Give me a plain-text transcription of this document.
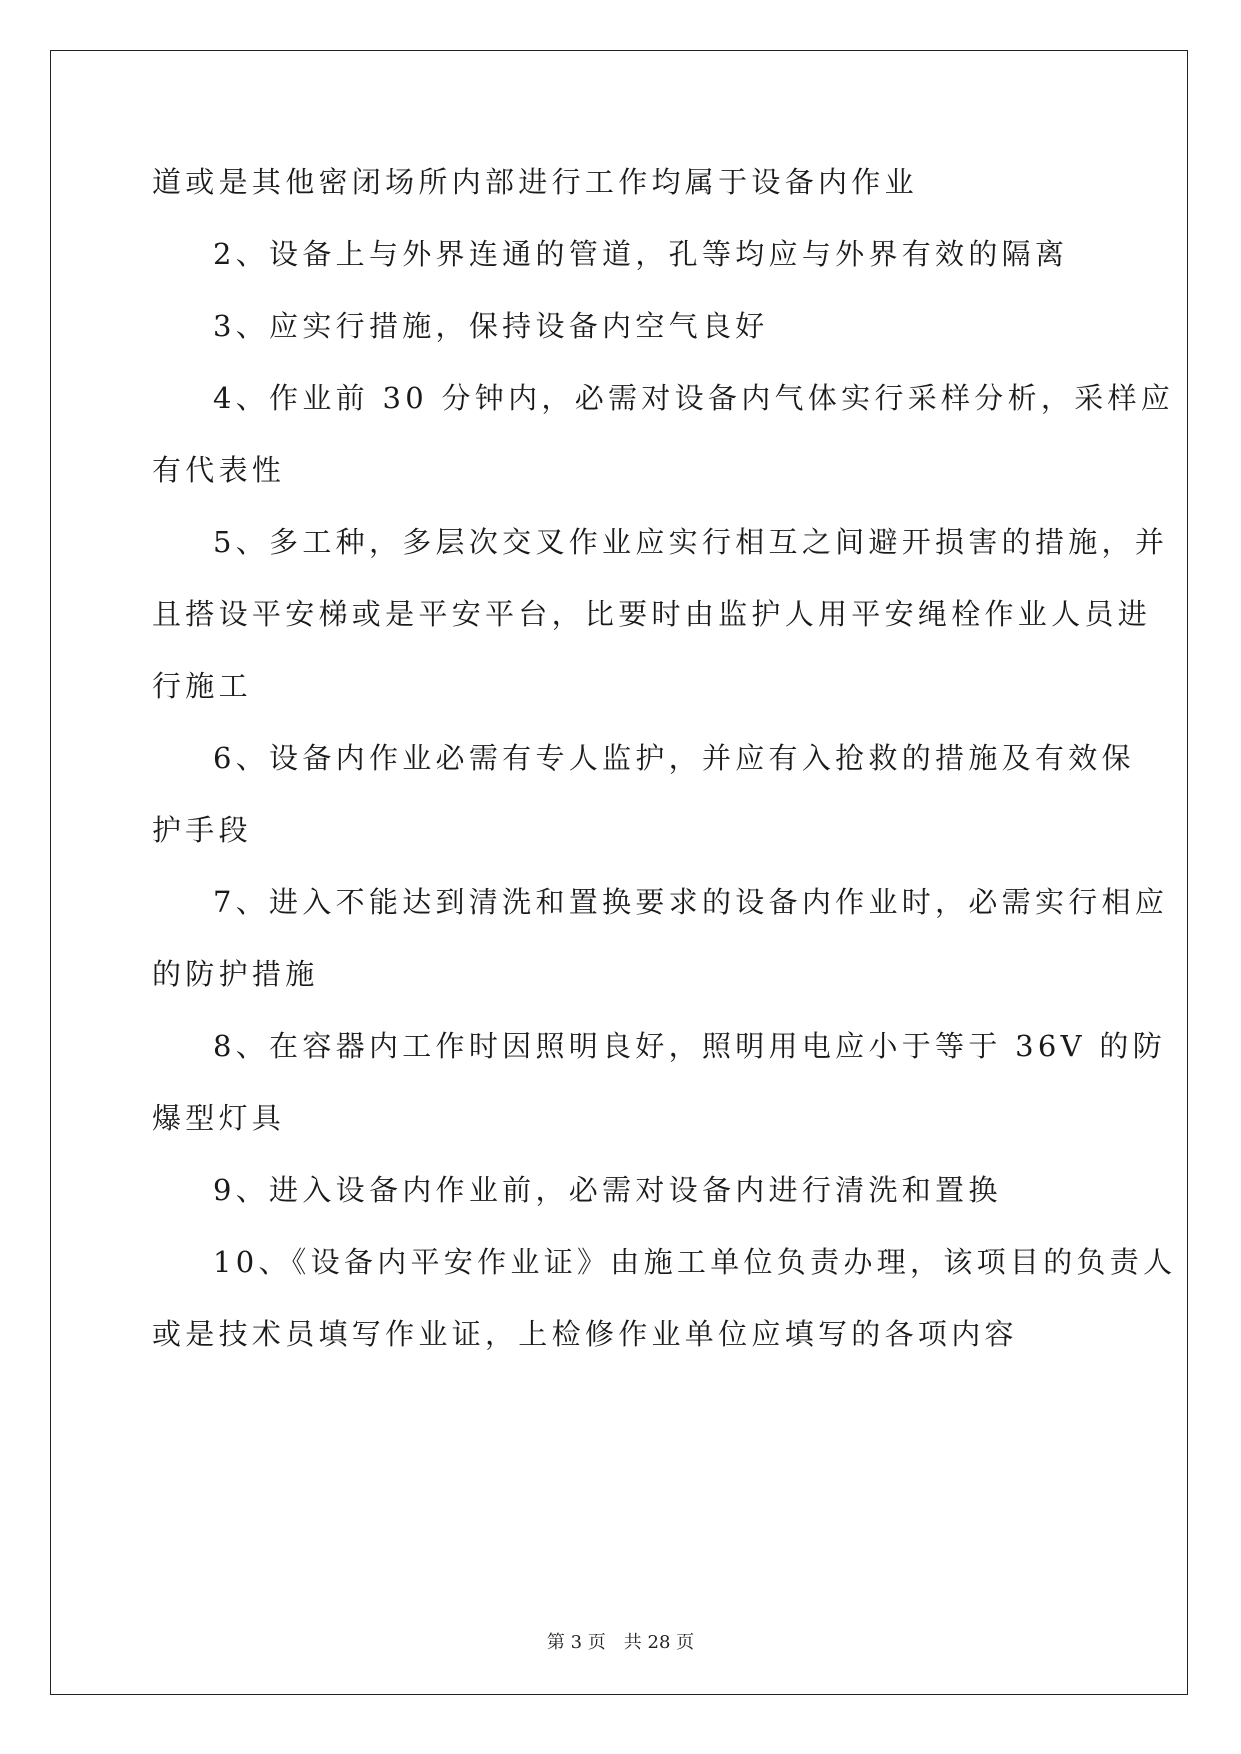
道或是其他密闭场所内部进行工作均属于设备内作业
2、设备上与外界连通的管道，孔等均应与外界有效的隔离
3、应实行措施，保持设备内空气良好
4、作业前 30 分钟内，必需对设备内气体实行采样分析，采样应
有代表性
5、多工种，多层次交叉作业应实行相互之间避开损害的措施，并
且搭设平安梯或是平安平台，比要时由监护人用平安绳栓作业人员进
行施工
6、设备内作业必需有专人监护，并应有入抢救的措施及有效保
护手段
7、进入不能达到清洗和置换要求的设备内作业时，必需实行相应
的防护措施
8、在容器内工作时因照明良好，照明用电应小于等于 36V 的防
爆型灯具
9、进入设备内作业前，必需对设备内进行清洗和置换
10、《设备内平安作业证》由施工单位负责办理，该项目的负责人
或是技术员填写作业证，上检修作业单位应填写的各项内容
第 3 页 共 28 页
